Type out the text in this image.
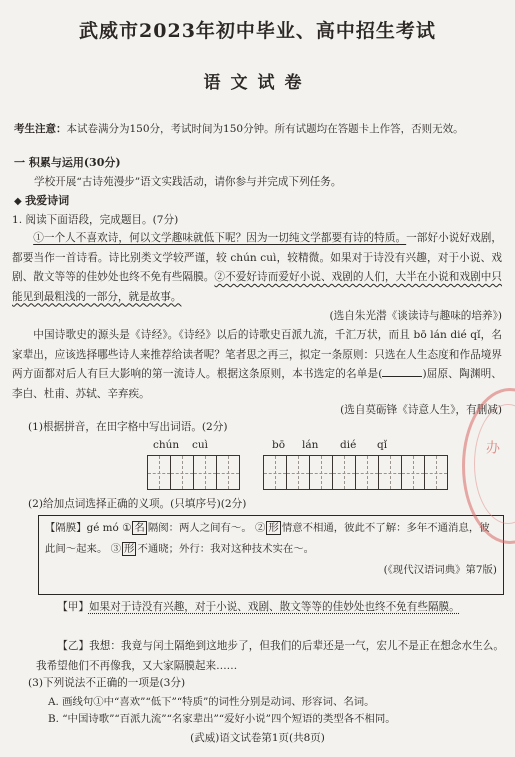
武威市2023年初中毕业、高中招生考试
语文试卷
考生注意：本试卷满分为150分，考试时间为150分钟。所有试题均在答题卡上作答，否则无效。
一 积累与运用(30分)
学校开展“古诗苑漫步”语文实践活动，请你参与并完成下列任务。
◆ 我爱诗词
1. 阅读下面语段，完成题目。(7分)
①一个人不喜欢诗，何以文学趣味就低下呢？因为一切纯文学都要有诗的特质。一部好小说好戏剧，都要当作一首诗看。诗比别类文学较严谨，较 chún cuì，较精微。如果对于诗没有兴趣，对于小说、戏剧、散文等等的佳妙处也终不免有些隔膜。②不爱好诗而爱好小说、戏剧的人们，大半在小说和戏剧中只能见到最粗浅的一部分，就是故事。
(选自朱光潜《谈读诗与趣味的培养》)
中国诗歌史的源头是《诗经》。《诗经》以后的诗歌史百派九流，千汇万状，而且 bō lán dié qǐ，名家辈出，应该选择哪些诗人来推荐给读者呢？笔者思之再三，拟定一条原则：只选在人生态度和作品境界两方面都对后人有巨大影响的第一流诗人。根据这条原则，本书选定的名单是(	)屈原、陶渊明、李白、杜甫、苏轼、辛弃疾。
(选自莫砺锋《诗意人生》，有删减)
(1)根据拼音，在田字格中写出词语。(2分)
chún cuì	bō lán dié qǐ
(2)给加点词选择正确的义项。(只填序号)(2分)
【隔膜】gé mó ① 名 隔阂：两人之间有～。 ② 形 情意不相通，彼此不了解：多年不通消息，彼此间～起来。 ③ 形 不通晓；外行：我对这种技术实在～。
(《现代汉语词典》第7版)
【甲】如果对于诗没有兴趣，对于小说、戏剧、散文等等的佳妙处也终不免有些隔膜。
【乙】我想：我竟与闰土隔绝到这地步了，但我们的后辈还是一气，宏儿不是正在想念水生么。我希望他们不再像我，又大家隔膜起来……
(3)下列说法不正确的一项是(3分)
A. 画线句①中“喜欢”“低下”“特质”的词性分别是动词、形容词、名词。
B. “中国诗歌”“百派九流”“名家辈出”“爱好小说”四个短语的类型各不相同。
(武威)语文试卷第1页(共8页)
办
